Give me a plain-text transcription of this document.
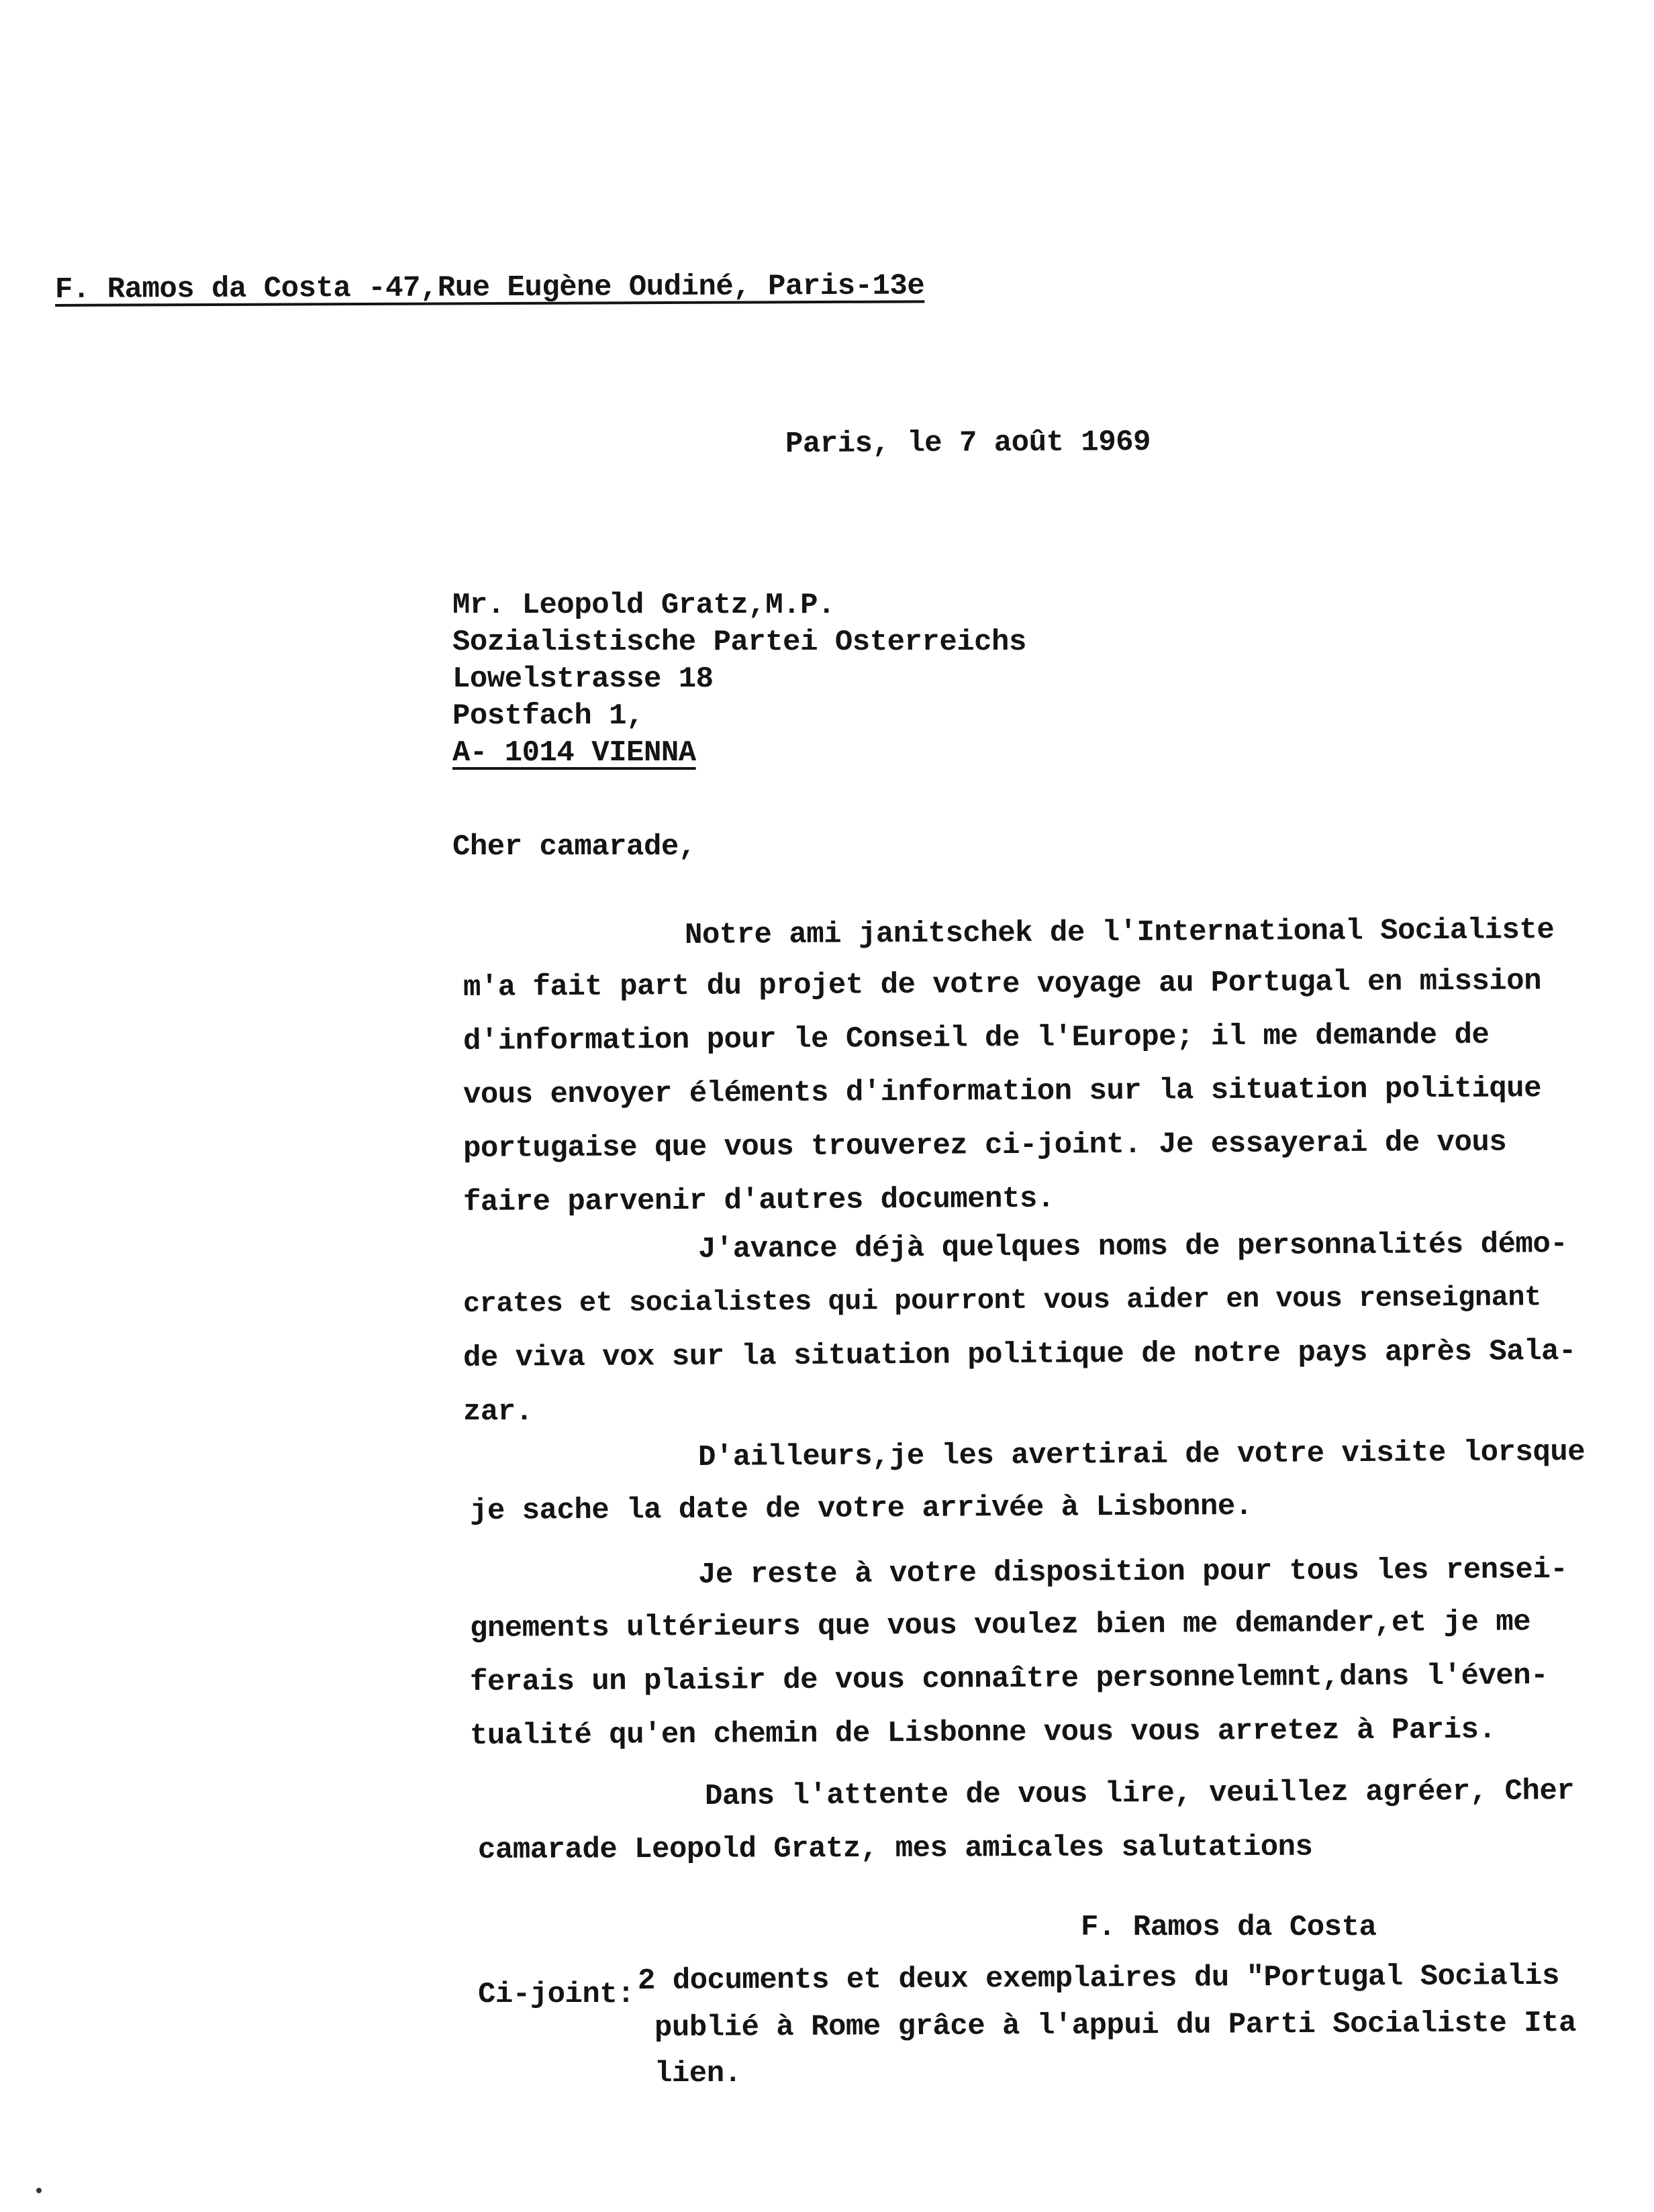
F. Ramos da Costa -47,Rue Eugène Oudiné, Paris-13e
Paris, le 7 août 1969
Mr. Leopold Gratz,M.P.
Sozialistische Partei Osterreichs
Lowelstrasse 18
Postfach 1,
A- 1014 VIENNA
Cher camarade,
Notre ami janitschek de l'International Socialiste
m'a fait part du projet de votre voyage au Portugal en mission
d'information pour le Conseil de l'Europe; il me demande de
vous envoyer éléments d'information sur la situation politique
portugaise que vous trouverez ci-joint. Je essayerai de vous
faire parvenir d'autres documents.
J'avance déjà quelques noms de personnalités démo-
crates et socialistes qui pourront vous aider en vous renseignant
de viva vox sur la situation politique de notre pays après Sala-
zar.
D'ailleurs,je les avertirai de votre visite lorsque
je sache la date de votre arrivée à Lisbonne.
Je reste à votre disposition pour tous les rensei-
gnements ultérieurs que vous voulez bien me demander,et je me
ferais un plaisir de vous connaître personnelemnt,dans l'éven-
tualité qu'en chemin de Lisbonne vous vous arretez à Paris.
Dans l'attente de vous lire, veuillez agréer, Cher
camarade Leopold Gratz, mes amicales salutations
F. Ramos da Costa
Ci-joint: 2 documents et deux exemplaires du "Portugal Socialis
publié à Rome grâce à l'appui du Parti Socialiste Ita
lien.
